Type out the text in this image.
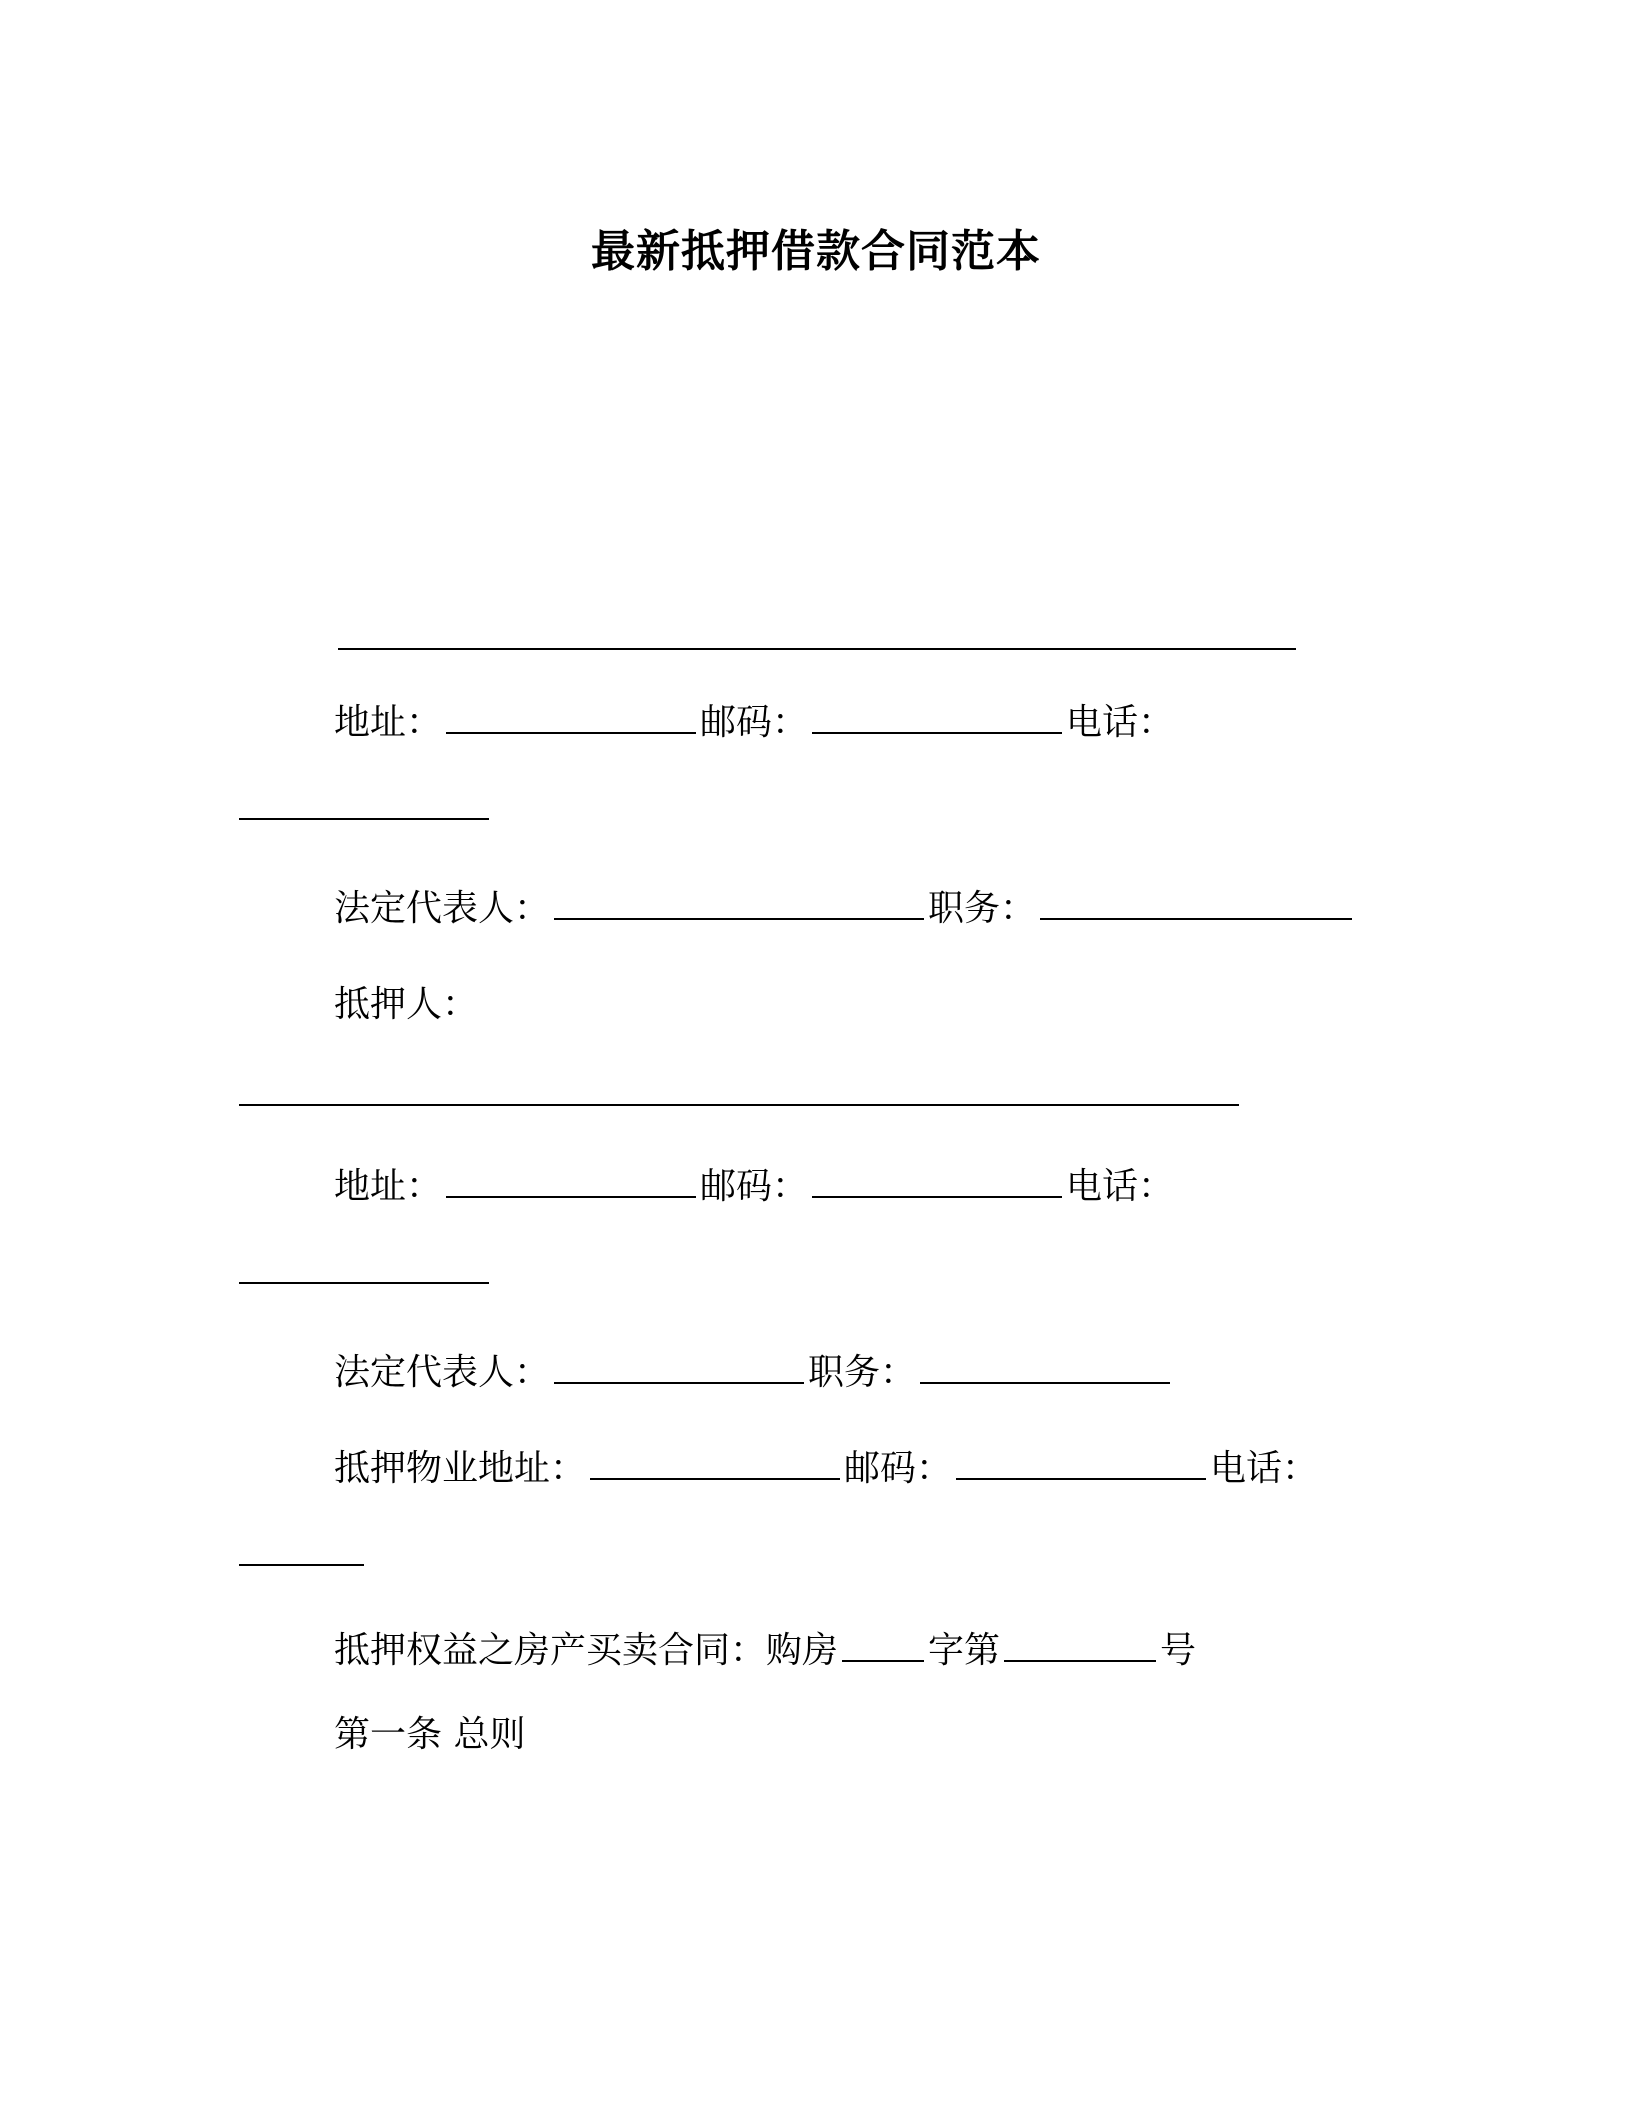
最新抵押借款合同范本
地址：	邮码：	电话：
法定代表人：	职务：
抵押人：
地址：	邮码：	电话：
法定代表人：	职务：
抵押物业地址：	邮码：	电话：
抵押权益之房产买卖合同：购房	字第	号
第一条 总则
